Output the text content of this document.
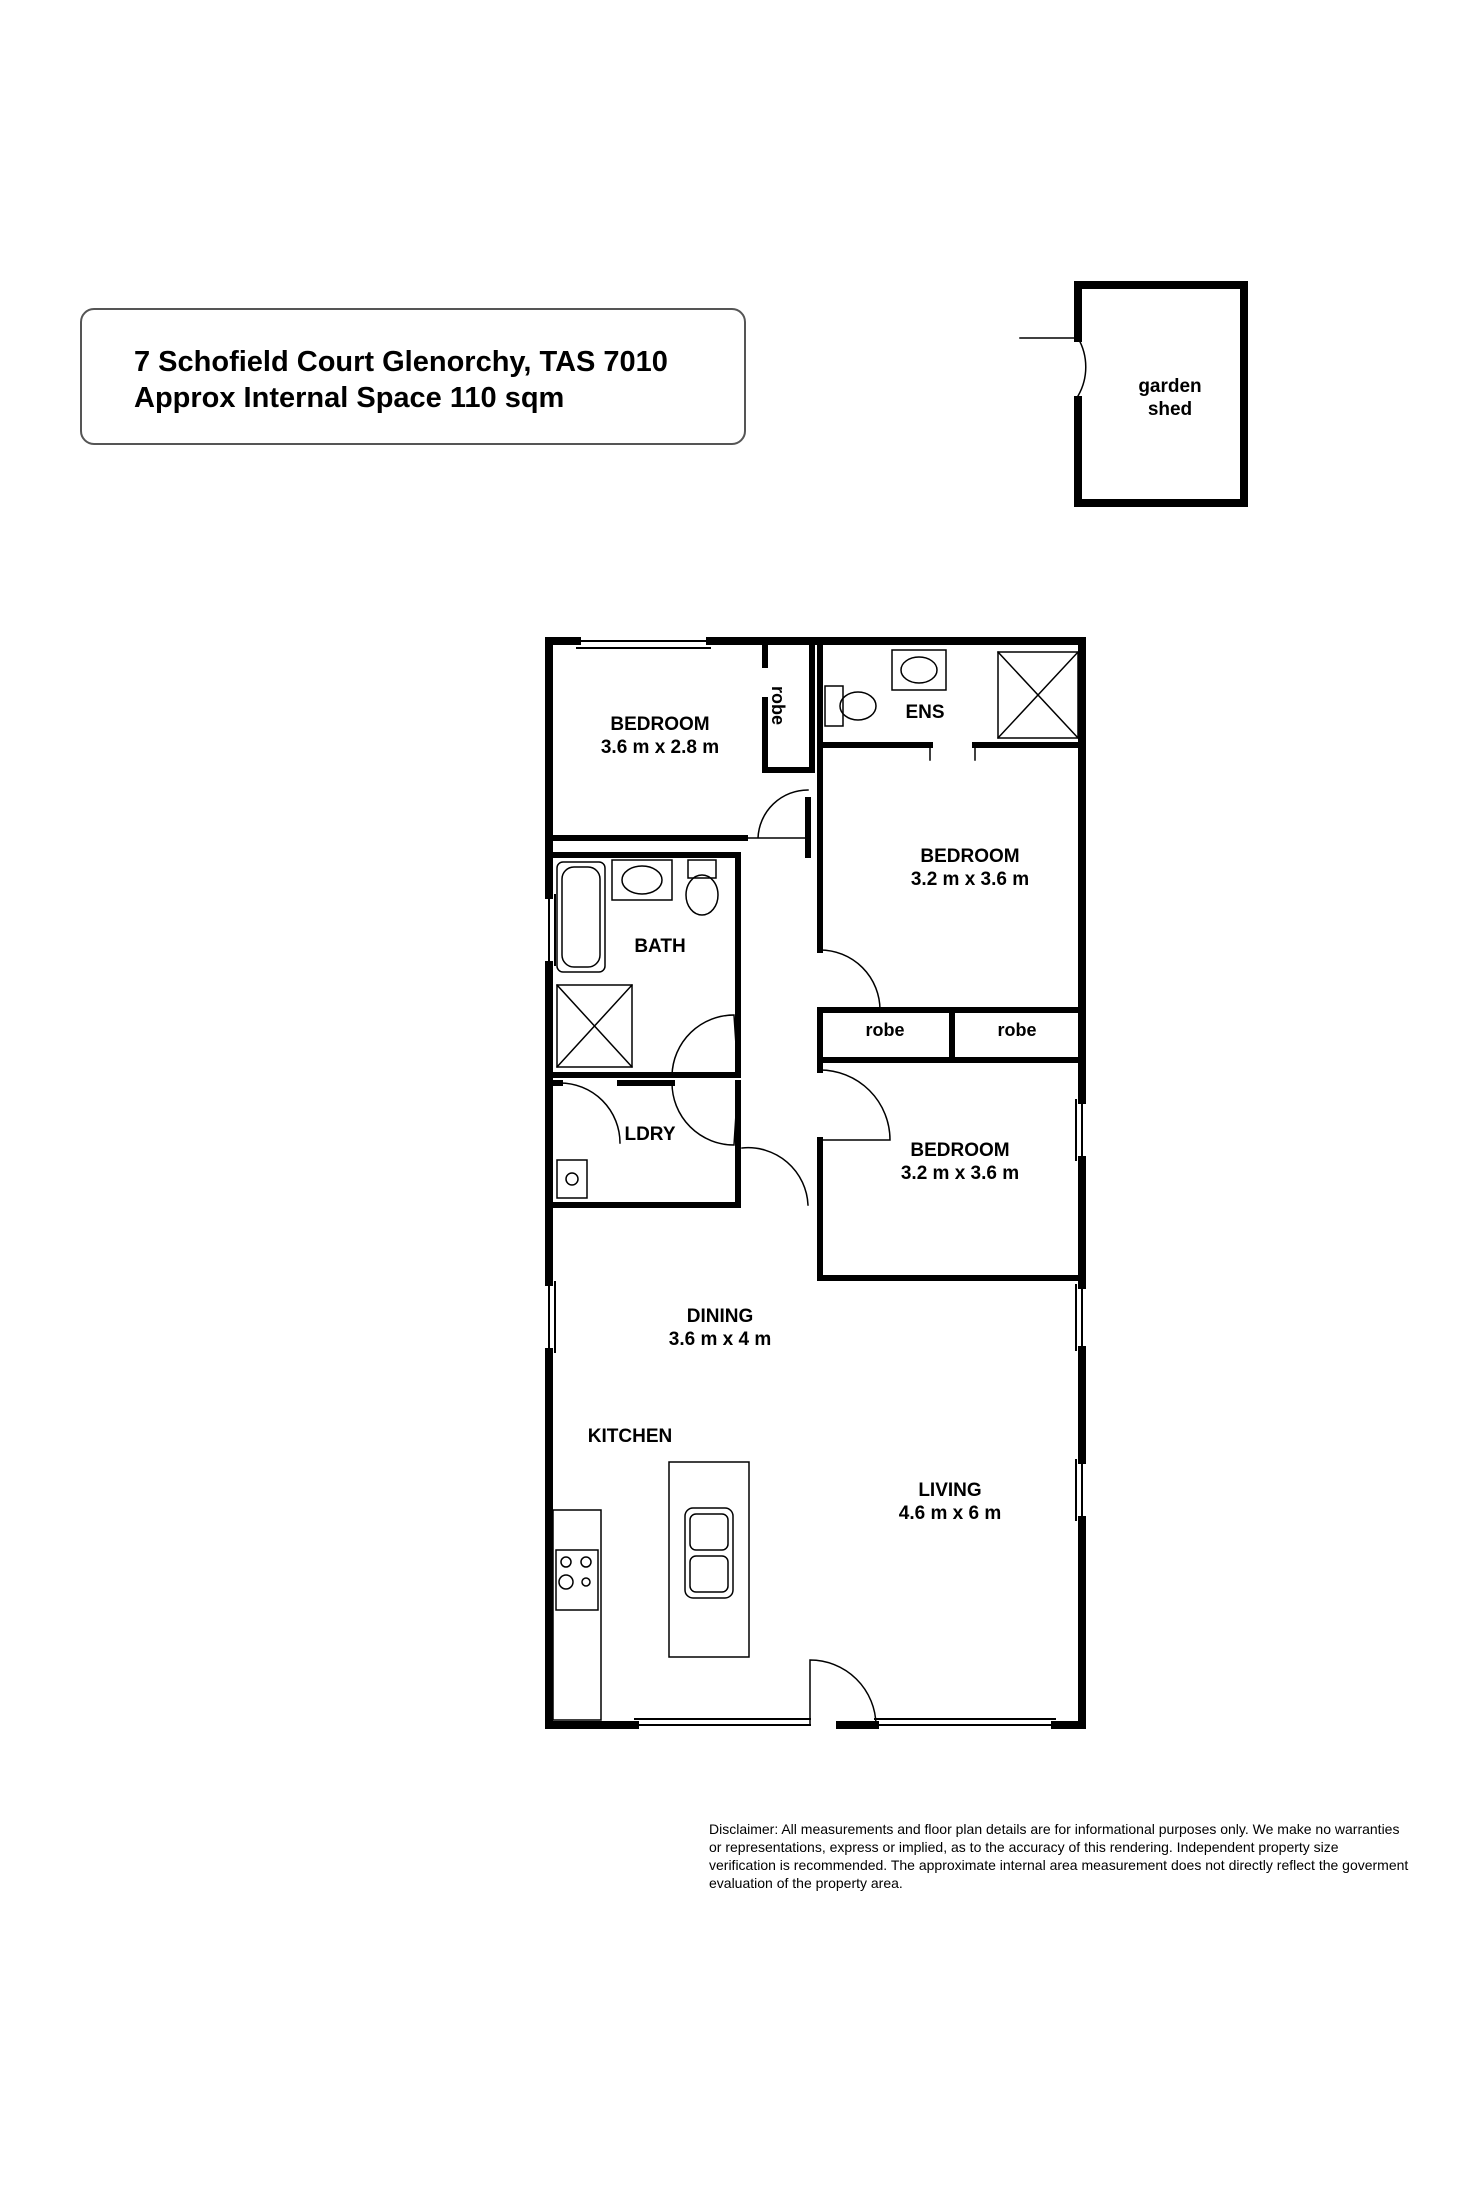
7 Schofield Court Glenorchy, TAS 7010
Approx Internal Space 110 sqm	garden
shed
BEDROOM
3.6 m x 2.8 m
robe	ENS
BEDROOM
3.2 m x 3.6 m
BATH
robe	robe
LDRY
BEDROOM
3.2 m x 3.6 m
DINING
3.6 m x 4 m
KITCHEN
LIVING
4.6 m x 6 m
Disclaimer: All measurements and floor plan details are for informational purposes only. We make no warranties or representations, express or implied, as to the accuracy of this rendering. Independent property size verification is recommended. The approximate internal area measurement does not directly reflect the goverment evaluation of the property area.
